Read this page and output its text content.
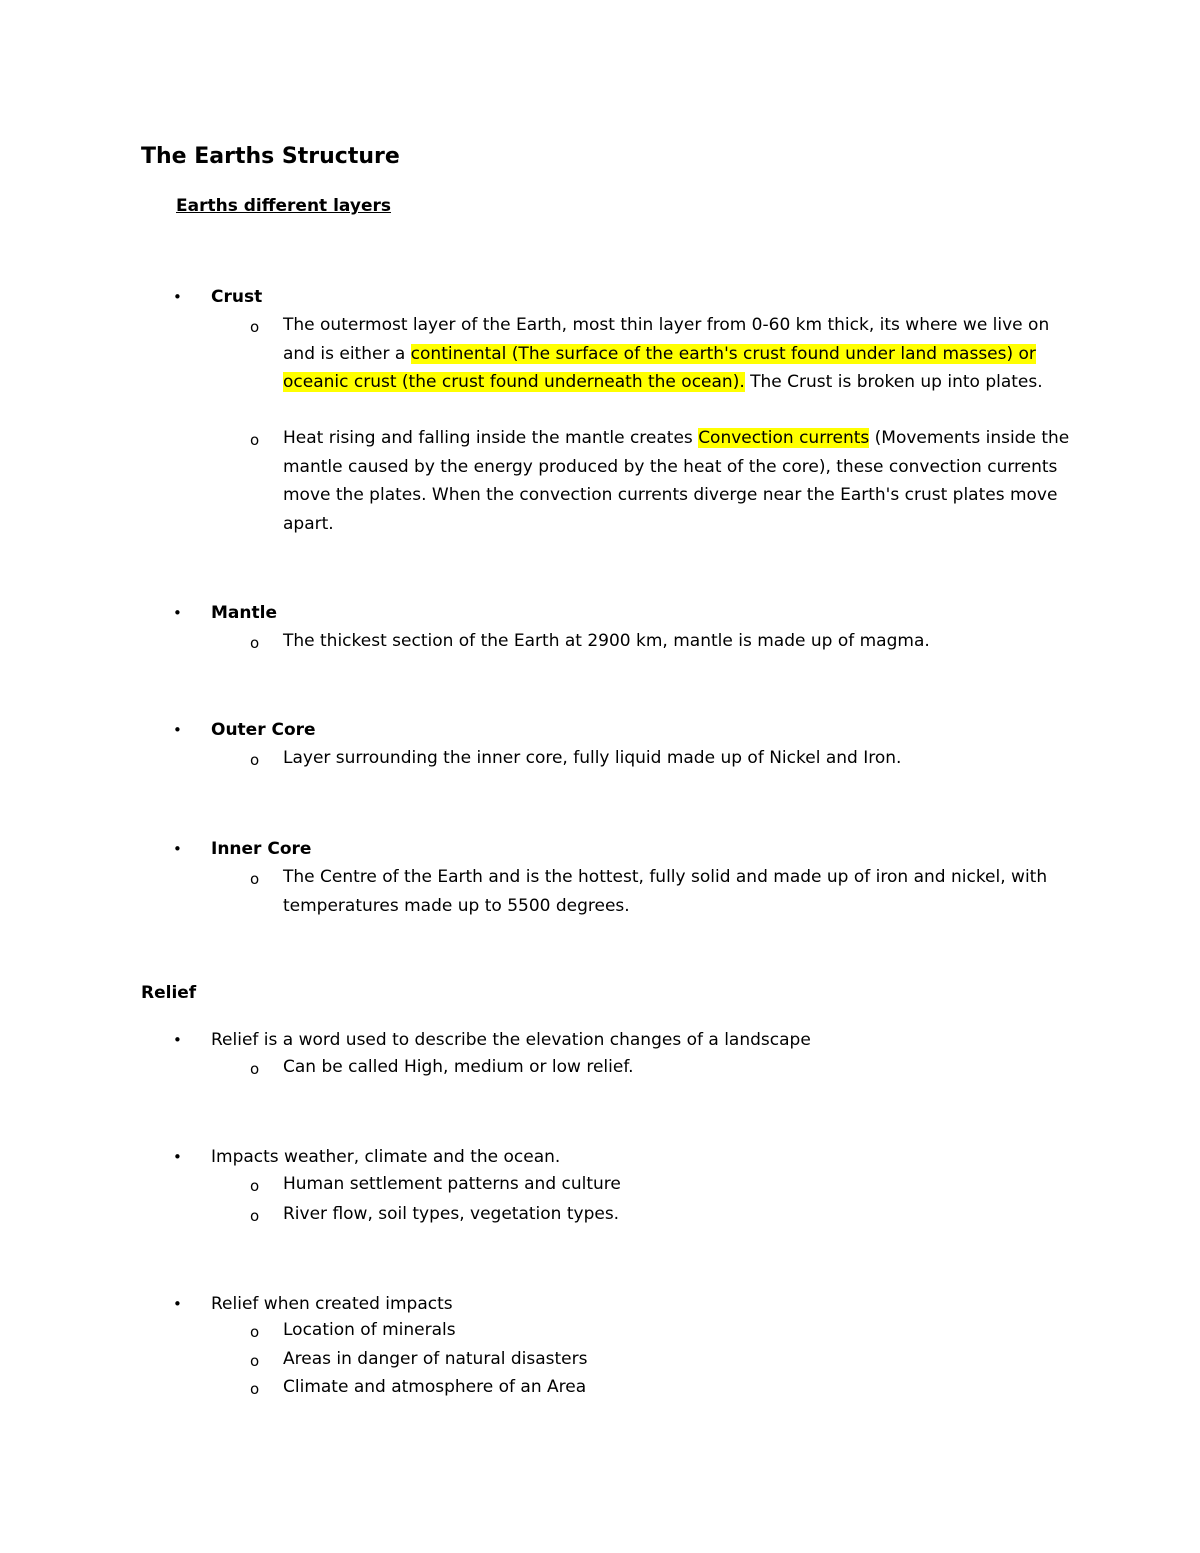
The Earths Structure
Earths different layers
• Crust
o The outermost layer of the Earth, most thin layer from 0-60 km thick, its where we live on and is either a continental (The surface of the earth's crust found under land masses) or oceanic crust (the crust found underneath the ocean). The Crust is broken up into plates.
o Heat rising and falling inside the mantle creates Convection currents (Movements inside the mantle caused by the energy produced by the heat of the core), these convection currents move the plates. When the convection currents diverge near the Earth's crust plates move apart.
• Mantle
o The thickest section of the Earth at 2900 km, mantle is made up of magma.
• Outer Core
o Layer surrounding the inner core, fully liquid made up of Nickel and Iron.
• Inner Core
o The Centre of the Earth and is the hottest, fully solid and made up of iron and nickel, with temperatures made up to 5500 degrees.
Relief
• Relief is a word used to describe the elevation changes of a landscape
o Can be called High, medium or low relief.
• Impacts weather, climate and the ocean.
o Human settlement patterns and culture
o River flow, soil types, vegetation types.
• Relief when created impacts
o Location of minerals
o Areas in danger of natural disasters
o Climate and atmosphere of an Area
